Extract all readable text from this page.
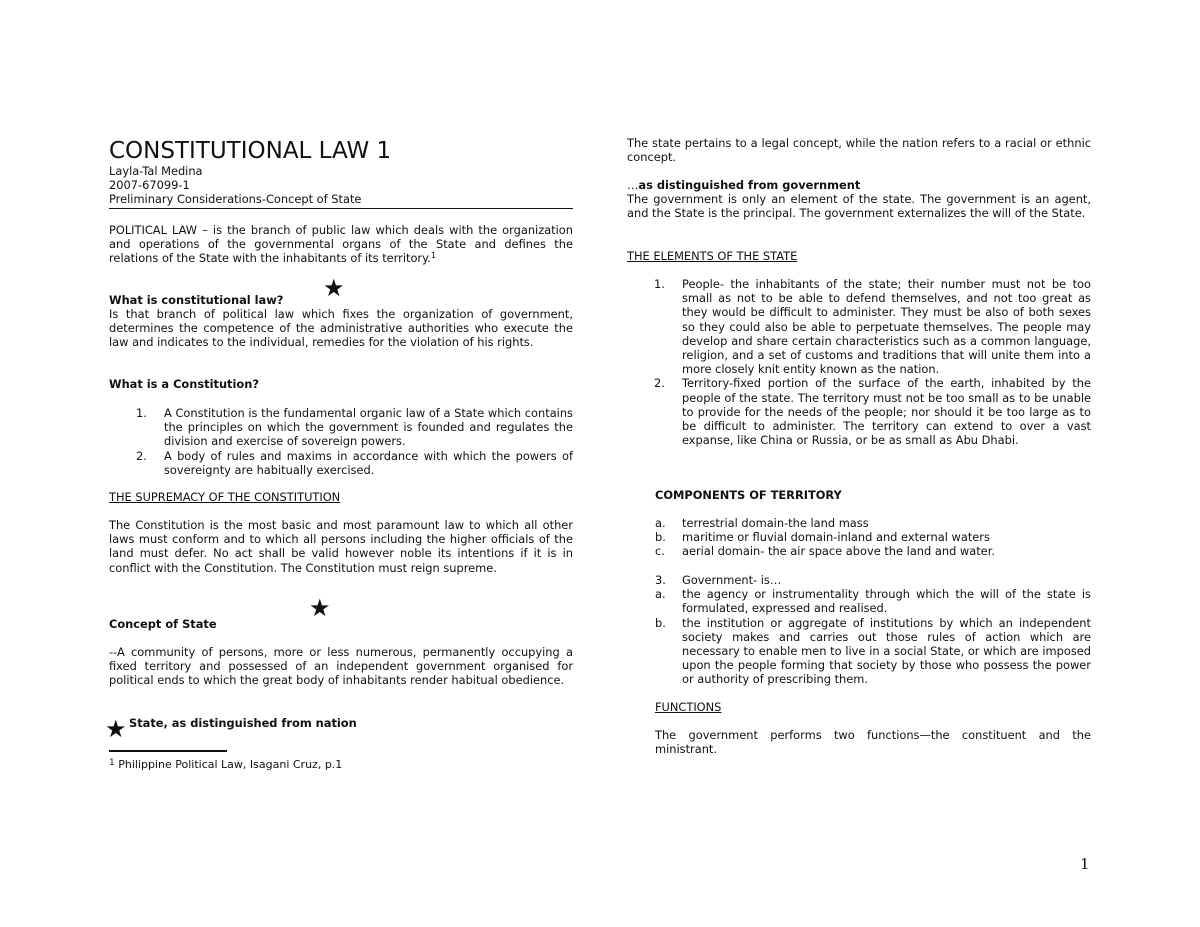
CONSTITUTIONAL LAW 1
Layla-Tal Medina
2007-67099-1
Preliminary Considerations-Concept of State

POLITICAL LAW – is the branch of public law which deals with the organization and operations of the governmental organs of the State and defines the relations of the State with the inhabitants of its territory.$^1$

What is constitutional law?

Is that branch of political law which fixes the organization of government, determines the competence of the administrative authorities who execute the law and indicates to the individual, remedies for the violation of his rights.

What is a Constitution?
1. A Constitution is the fundamental organic law of a State which contains the principles on which the government is founded and regulates the division and exercise of sovereign powers.
2. A body of rules and maxims in accordance with which the powers of sovereignty are habitually exercised.
THE SUPREMACY OF THE CONSTITUTION

The Constitution is the most basic and most paramount law to which all other laws must conform and to which all persons including the higher officials of the land must defer. No act shall be valid however noble its intentions if it is in conflict with the Constitution. The Constitution must reign supreme.

Concept of State

--A community of persons, more or less numerous, permanently occupying a fixed territory and possessed of an independent government organised for political ends to which the great body of inhabitants render habitual obedience.

State, as distinguished from nation
★
★
★
$^1$ Philippine Political Law, Isagani Cruz, p.1

The state pertains to a legal concept, while the nation refers to a racial or ethnic concept.

…as distinguished from government

The government is only an element of the state. The government is an agent, and the State is the principal. The government externalizes the will of the State.

THE ELEMENTS OF THE STATE
1. People- the inhabitants of the state; their number must not be too small as not to be able to defend themselves, and not too great as they would be difficult to administer. They must be also of both sexes so they could also be able to perpetuate themselves. The people may develop and share certain characteristics such as a common language, religion, and a set of customs and traditions that will unite them into a more closely knit entity known as the nation.
2. Territory-fixed portion of the surface of the earth, inhabited by the people of the state. The territory must not be too small as to be unable to provide for the needs of the people; nor should it be too large as to be difficult to administer. The territory can extend to over a vast expanse, like China or Russia, or be as small as Abu Dhabi.
COMPONENTS OF TERRITORY
a. terrestrial domain-the land mass
b. maritime or fluvial domain-inland and external waters
c. aerial domain- the air space above the land and water.
3. Government- is…
a. the agency or instrumentality through which the will of the state is formulated, expressed and realised.
b. the institution or aggregate of institutions by which an independent society makes and carries out those rules of action which are necessary to enable men to live in a social State, or which are imposed upon the people forming that society by those who possess the power or authority of prescribing them.
FUNCTIONS

The government performs two functions—the constituent and the ministrant.

1
